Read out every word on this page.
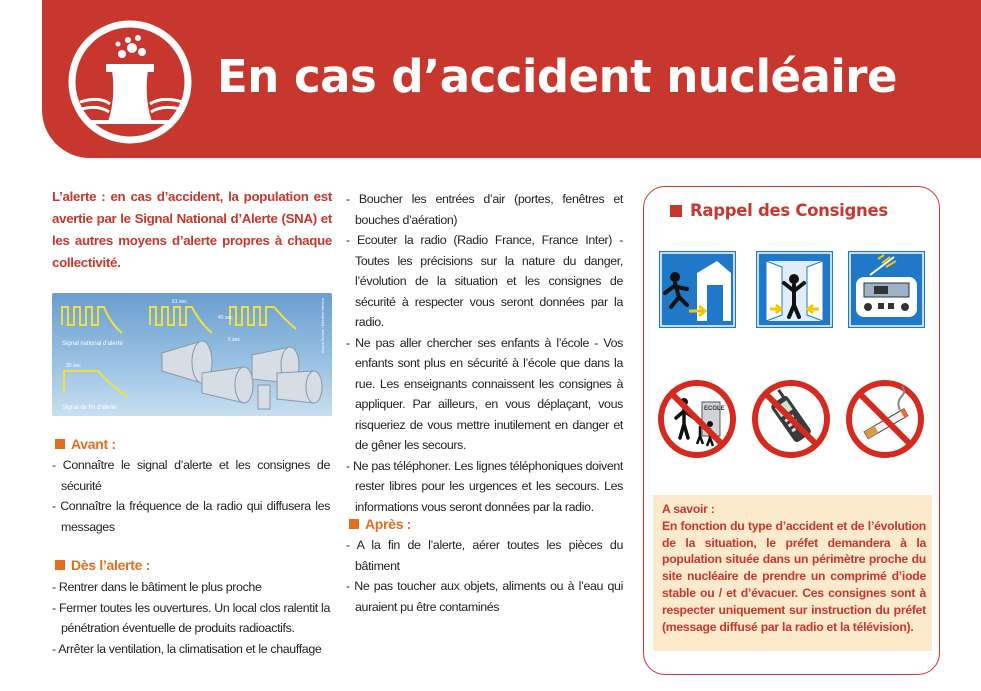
En cas d’accident nucléaire

L’alerte : en cas d’accident, la population est avertie par le Signal National d’Alerte (SNA) et les autres moyens d’alerte propres à chaque collectivité.

61 sec
40 sec
5 sec
30 sec
Signal national d’alerte
Signal de fin d’alerte
Source Sirenes / Ministère Intérieur
Avant :
- Connaître le signal d’alerte et les consignes de sécurité
- Connaître la fréquence de la radio qui diffusera les messages
Dès l’alerte :
- Rentrer dans le bâtiment le plus proche
- Fermer toutes les ouvertures. Un local clos ralentit la pénétration éventuelle de produits radioactifs.
- Arrêter la ventilation, la climatisation et le chauffage
- Boucher les entrées d’air (portes, fenêtres et bouches d’aération)
- Ecouter la radio (Radio France, France Inter) - Toutes les précisions sur la nature du danger, l’évolution de la situation et les consignes de sécurité à respecter vous seront données par la radio.
- Ne pas aller chercher ses enfants à l’école - Vos enfants sont plus en sécurité à l’école que dans la rue. Les enseignants connaissent les consignes à appliquer. Par ailleurs, en vous déplaçant, vous risqueriez de vous mettre inutilement en danger et de gêner les secours.
- Ne pas téléphoner. Les lignes téléphoniques doivent rester libres pour les urgences et les secours. Les informations vous seront données par la radio.
Après :
- A la fin de l’alerte, aérer toutes les pièces du bâtiment
- Ne pas toucher aux objets, aliments ou à l’eau qui auraient pu être contaminés
Rappel des Consignes
ECOLE
A savoir :
En fonction du type d’accident et de l’évolution de la situation, le préfet demandera à la population située dans un périmètre proche du site nucléaire de prendre un comprimé d’iode stable ou / et d’évacuer. Ces consignes sont à respecter uniquement sur instruction du préfet (message diffusé par la radio et la télévision).
